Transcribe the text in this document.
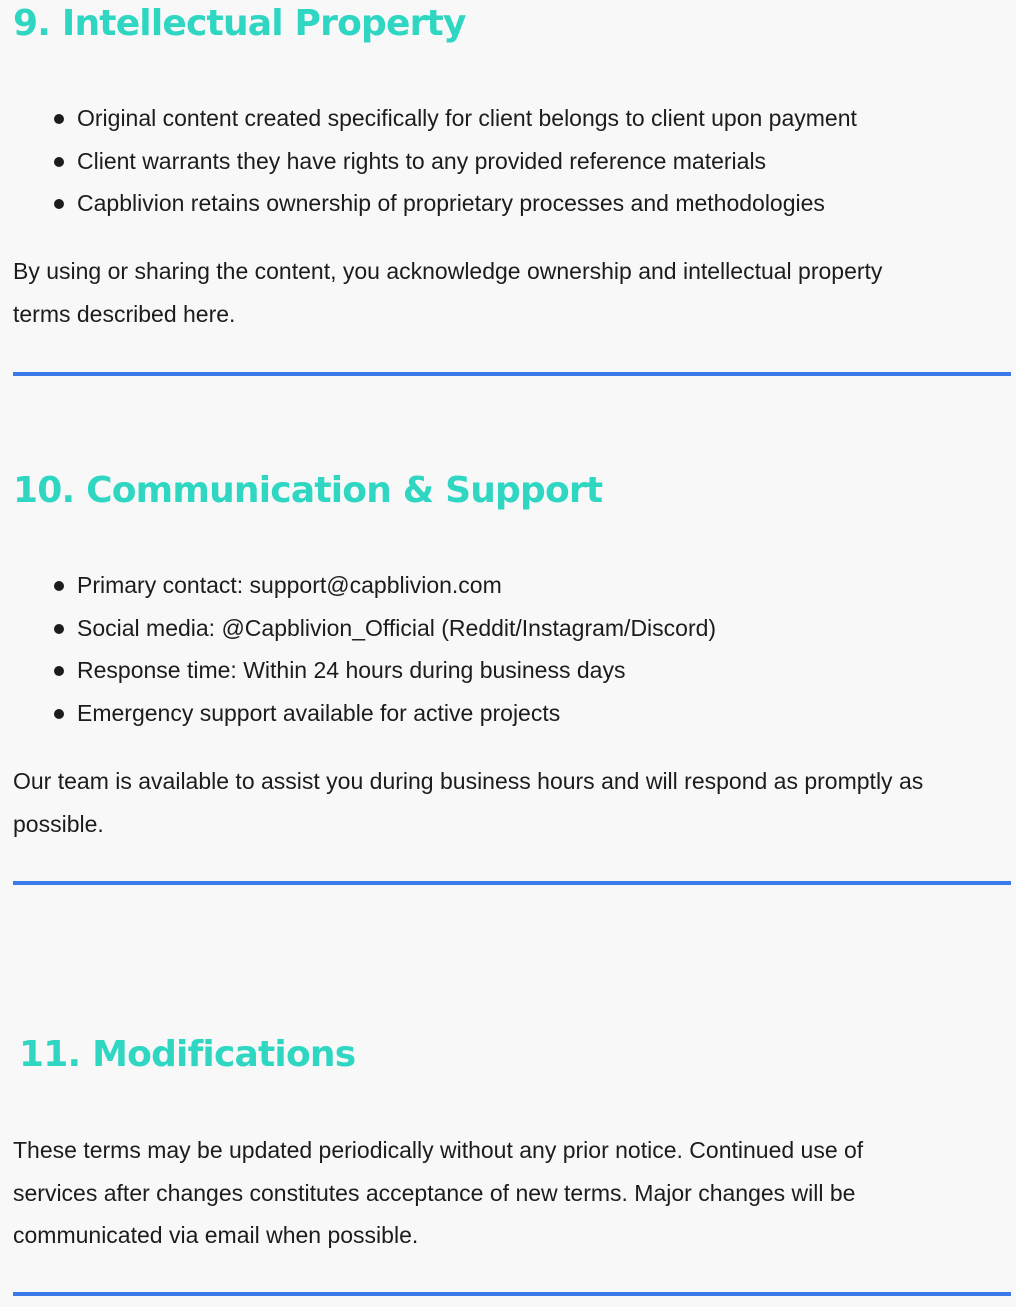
9. Intellectual Property
Original content created specifically for client belongs to client upon payment
Client warrants they have rights to any provided reference materials
Capblivion retains ownership of proprietary processes and methodologies

By using or sharing the content, you acknowledge ownership and intellectual property
terms described here.

10. Communication & Support
Primary contact: support@capblivion.com
Social media: @Capblivion_Official (Reddit/Instagram/Discord)
Response time: Within 24 hours during business days
Emergency support available for active projects

Our team is available to assist you during business hours and will respond as promptly as
possible.

11. Modifications

These terms may be updated periodically without any prior notice. Continued use of
services after changes constitutes acceptance of new terms. Major changes will be
communicated via email when possible.
